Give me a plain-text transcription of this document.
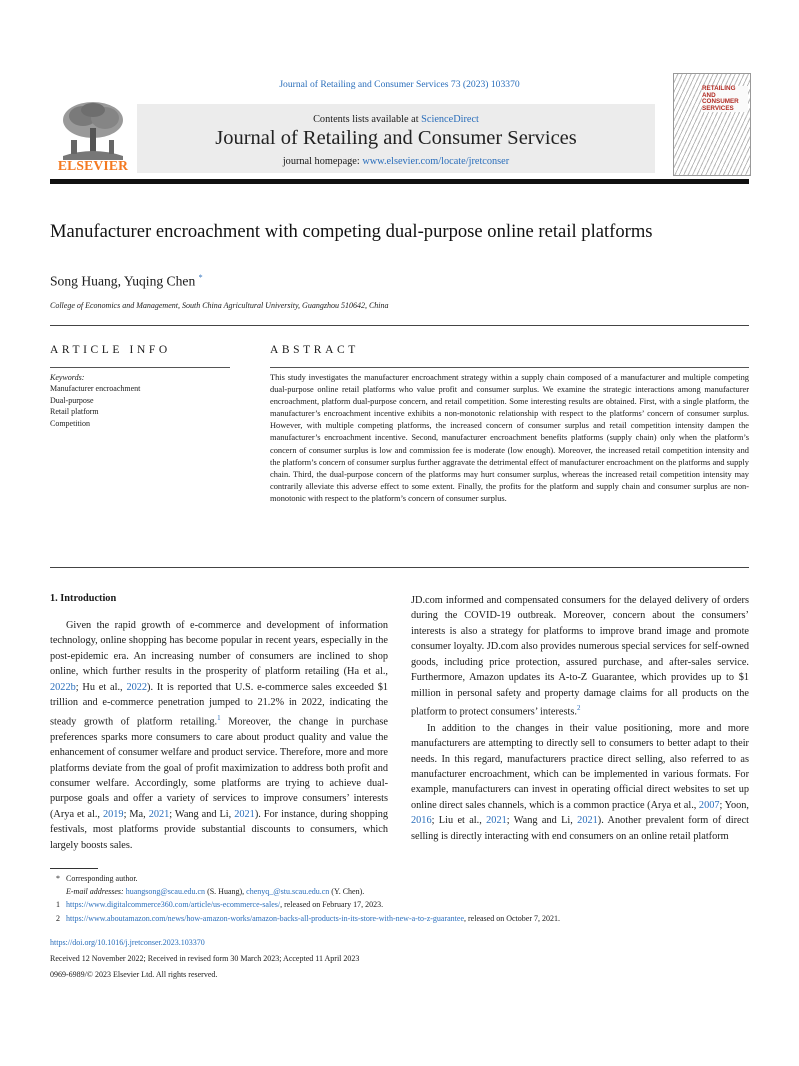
Journal of Retailing and Consumer Services 73 (2023) 103370
Contents lists available at ScienceDirect
Journal of Retailing and Consumer Services
journal homepage: www.elsevier.com/locate/jretconser
ELSEVIER
RETAILING AND CONSUMER SERVICES
Manufacturer encroachment with competing dual-purpose online retail platforms
Song Huang, Yuqing Chen *
College of Economics and Management, South China Agricultural University, Guangzhou 510642, China
ARTICLE INFO	ABSTRACT
Keywords:
Manufacturer encroachment
Dual-purpose
Retail platform
Competition
This study investigates the manufacturer encroachment strategy within a supply chain composed of a manufacturer and multiple competing dual-purpose online retail platforms who value profit and consumer surplus. We examine the strategic interactions among manufacturer encroachment, platform dual-purpose concern, and retail competition. Some interesting results are obtained. First, with a single platform, the manufacturer’s encroachment incentive exhibits a non-monotonic relationship with respect to the platforms’ concern of consumer surplus. However, with multiple competing platforms, the increased concern of consumer surplus and retail competition intensity dampen the manufacturer’s encroachment incentive. Second, manufacturer encroachment benefits platforms (supply chain) only when the platform’s concern of consumer surplus is low and commission fee is moderate (low enough). Moreover, the increased retail competition intensity and the platform’s concern of consumer surplus further aggravate the detrimental effect of manufacturer encroachment on the platforms and supply chain. Third, the dual-purpose concern of the platforms may hurt consumer surplus, whereas the increased retail competition intensity may contrarily alleviate this adverse effect to some extent. Finally, the profits for the platform and supply chain and consumer surplus are non-monotonic with respect to the platform’s concern of consumer surplus.
1. Introduction

Given the rapid growth of e-commerce and development of information technology, online shopping has become popular in recent years, especially in the post-epidemic era. An increasing number of consumers are inclined to shop online, which further results in the prosperity of platform retailing (Ha et al., 2022b; Hu et al., 2022). It is reported that U.S. e-commerce sales exceeded $1 trillion and e-commerce penetration jumped to 21.2% in 2022, indicating the steady growth of platform retailing.$^1$ Moreover, the change in purchase preferences sparks more consumers to care about product quality and value the enhancement of consumer welfare and product service. Therefore, more and more platforms deviate from the goal of profit maximization to address both profit and consumer welfare. Accordingly, some platforms are trying to achieve dual-purpose goals and offer a variety of services to improve consumers’ interests (Arya et al., 2019; Ma, 2021; Wang and Li, 2021). For instance, during shopping festivals, most platforms provide substantial discounts to consumers, which largely boosts sales.

JD.com informed and compensated consumers for the delayed delivery of orders during the COVID-19 outbreak. Moreover, concern about the consumers’ interests is also a strategy for platforms to improve brand image and promote consumer loyalty. JD.com also provides numerous special services for self-owned goods, including price protection, assured purchase, and after-sales service. Furthermore, Amazon updates its A-to-Z Guarantee, which provides up to $1 million in personal safety and property damage claims for all products on the platform to protect consumers’ interests.$^2$

In addition to the changes in their value positioning, more and more manufacturers are attempting to directly sell to consumers to better adapt to their needs. In this regard, manufacturers practice direct selling, also referred to as manufacturer encroachment, which can be implemented in various formats. For example, manufacturers can invest in operating official direct websites to set up online direct sales channels, which is a common practice (Arya et al., 2007; Yoon, 2016; Liu et al., 2021; Wang and Li, 2021). Another prevalent form of direct selling is directly interacting with end consumers on an online retail platform

* Corresponding author.
E-mail addresses: huangsong@scau.edu.cn (S. Huang), chenyq_@stu.scau.edu.cn (Y. Chen).
1 https://www.digitalcommerce360.com/article/us-ecommerce-sales/, released on February 17, 2023.
2 https://www.aboutamazon.com/news/how-amazon-works/amazon-backs-all-products-in-its-store-with-new-a-to-z-guarantee, released on October 7, 2021.
https://doi.org/10.1016/j.jretconser.2023.103370
Received 12 November 2022; Received in revised form 30 March 2023; Accepted 11 April 2023
0969-6989/© 2023 Elsevier Ltd. All rights reserved.
